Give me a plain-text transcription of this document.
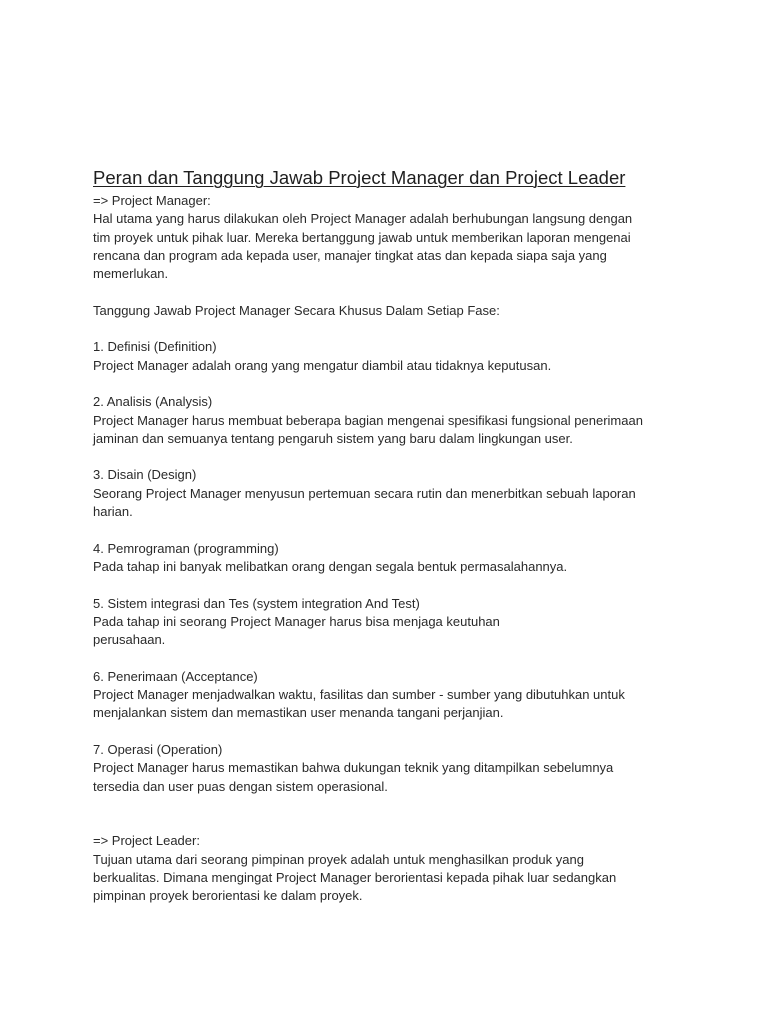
Peran dan Tanggung Jawab Project Manager dan Project Leader

=> Project Manager:

Hal utama yang harus dilakukan oleh Project Manager adalah berhubungan langsung dengan

tim proyek untuk pihak luar. Mereka bertanggung jawab untuk memberikan laporan mengenai

rencana dan program ada kepada user, manajer tingkat atas dan kepada siapa saja yang

memerlukan.

Tanggung Jawab Project Manager Secara Khusus Dalam Setiap Fase:

1. Definisi (Definition)

Project Manager adalah orang yang mengatur diambil atau tidaknya keputusan.

2. Analisis (Analysis)

Project Manager harus membuat beberapa bagian mengenai spesifikasi fungsional penerimaan

jaminan dan semuanya tentang pengaruh sistem yang baru dalam lingkungan user.

3. Disain (Design)

Seorang Project Manager menyusun pertemuan secara rutin dan menerbitkan sebuah laporan

harian.

4. Pemrograman (programming)

Pada tahap ini banyak melibatkan orang dengan segala bentuk permasalahannya.

5. Sistem integrasi dan Tes (system integration And Test)

Pada tahap ini seorang Project Manager harus bisa menjaga keutuhan

perusahaan.

6. Penerimaan (Acceptance)

Project Manager menjadwalkan waktu, fasilitas dan sumber - sumber yang dibutuhkan untuk

menjalankan sistem dan memastikan user menanda tangani perjanjian.

7. Operasi (Operation)

Project Manager harus memastikan bahwa dukungan teknik yang ditampilkan sebelumnya

tersedia dan user puas dengan sistem operasional.

=> Project Leader:

Tujuan utama dari seorang pimpinan proyek adalah untuk menghasilkan produk yang

berkualitas. Dimana mengingat Project Manager berorientasi kepada pihak luar sedangkan

pimpinan proyek berorientasi ke dalam proyek.
